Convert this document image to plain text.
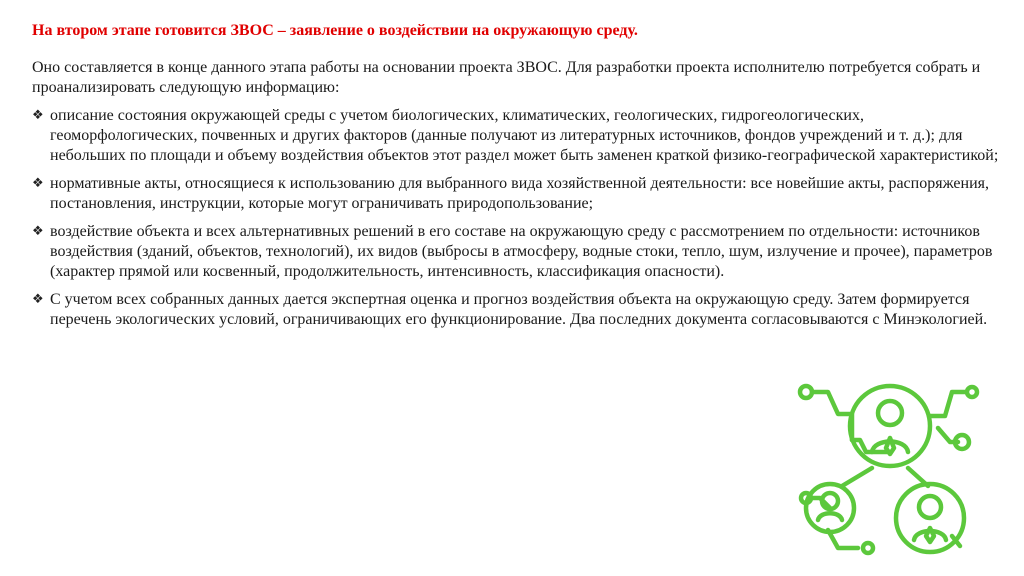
На втором этапе готовится ЗВОС – заявление о воздействии на окружающую среду.
Оно составляется в конце данного этапа работы на основании проекта ЗВОС. Для разработки проекта исполнителю потребуется собрать и проанализировать следующую информацию:
❖ описание состояния окружающей среды с учетом биологических, климатических, геологических, гидрогеологических, геоморфологических, почвенных и других факторов (данные получают из литературных источников, фондов учреждений и т. д.); для небольших по площади и объему воздействия объектов этот раздел может быть заменен краткой физико-географической характеристикой;
❖ нормативные акты, относящиеся к использованию для выбранного вида хозяйственной деятельности: все новейшие акты, распоряжения, постановления, инструкции, которые могут ограничивать природопользование;
❖ воздействие объекта и всех альтернативных решений в его составе на окружающую среду с рассмотрением по отдельности: источников воздействия (зданий, объектов, технологий), их видов (выбросы в атмосферу, водные стоки, тепло, шум, излучение и прочее), параметров (характер прямой или косвенный, продолжительность, интенсивность, классификация опасности).
❖ С учетом всех собранных данных дается экспертная оценка и прогноз воздействия объекта на окружающую среду. Затем формируется перечень экологических условий, ограничивающих его функционирование. Два последних документа согласовываются с Минэкологией.
